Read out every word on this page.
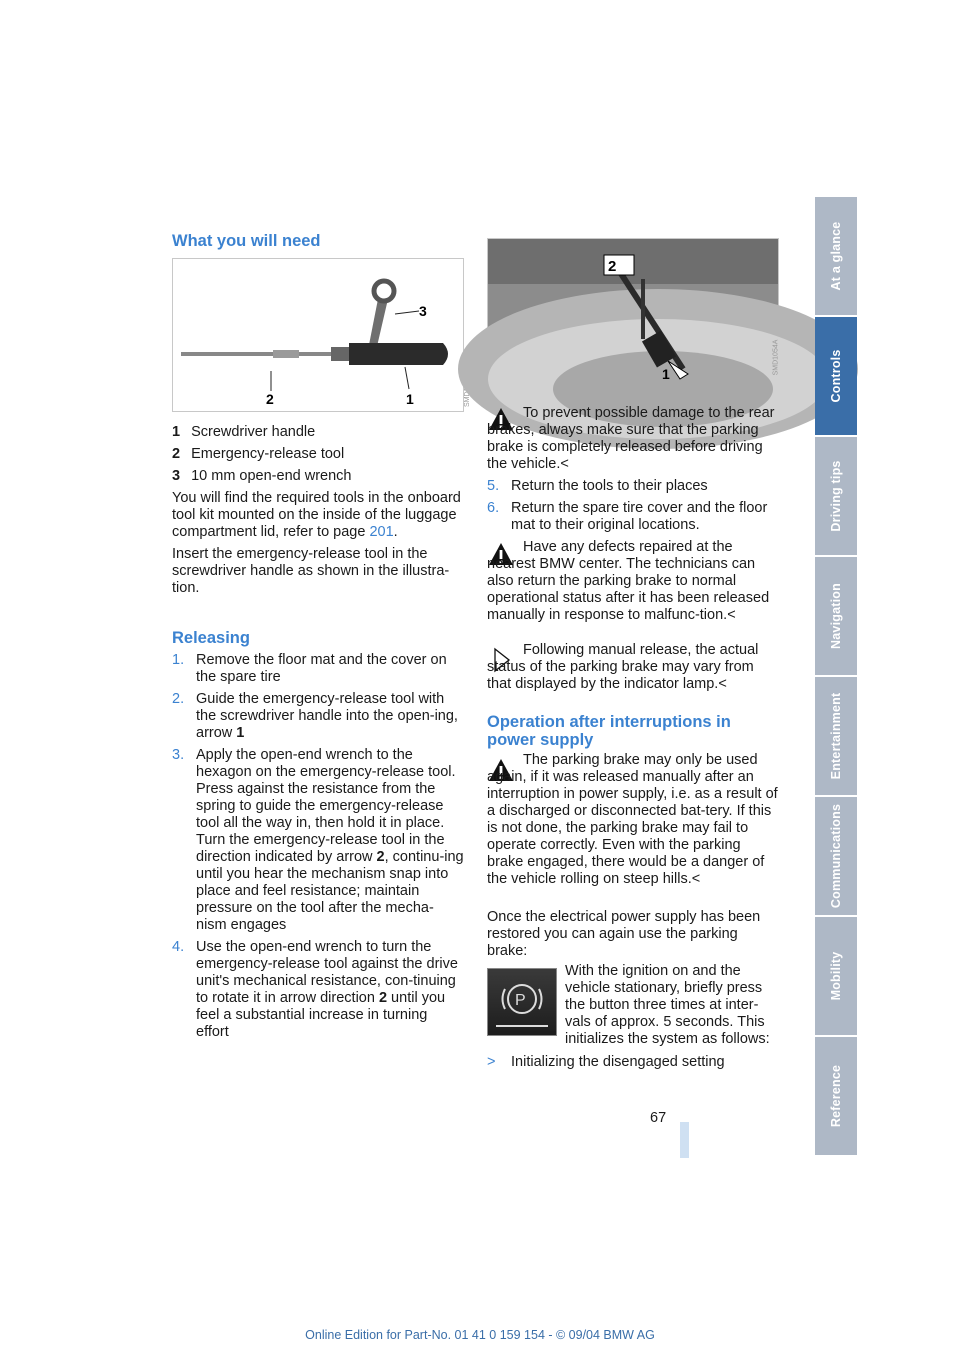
What you will need
3
2	1
1 Screwdriver handle
2 Emergency-release tool
3 10 mm open-end wrench

You will find the required tools in the onboard tool kit mounted on the inside of the luggage compartment lid, refer to page 201.

Insert the emergency-release tool in the screwdriver handle as shown in the illustra-tion.

Releasing
1. Remove the floor mat and the cover on the spare tire
2. Guide the emergency-release tool with the screwdriver handle into the open-ing, arrow 1
3. Apply the open-end wrench to the hexagon on the emergency-release tool.
Press against the resistance from the spring to guide the emergency-release tool all the way in, then hold it in place.
Turn the emergency-release tool in the direction indicated by arrow 2, continu-ing until you hear the mechanism snap into place and feel resistance; maintain pressure on the tool after the mecha-nism engages
4. Use the open-end wrench to turn the emergency-release tool against the drive unit's mechanical resistance, con-tinuing to rotate it in arrow direction 2 until you feel a substantial increase in turning effort
2
1	SMD1054A
To prevent possible damage to the rear brakes, always make sure that the parking brake is completely released before driving the vehicle.<
5. Return the tools to their places
6. Return the spare tire cover and the floor mat to their original locations.
Have any defects repaired at the nearest BMW center. The technicians can also return the parking brake to normal operational status after it has been released manually in response to malfunc-tion.<
Following manual release, the actual status of the parking brake may vary from that displayed by the indicator lamp.<
Operation after interruptions in power supply
The parking brake may only be used again, if it was released manually after an interruption in power supply, i.e. as a result of a discharged or disconnected bat-tery. If this is not done, the parking brake may fail to operate correctly. Even with the parking brake engaged, there would be a danger of the vehicle rolling on steep hills.<
Once the electrical power supply has been restored you can again use the parking brake:
P
With the ignition on and the vehicle stationary, briefly press the button three times at inter-vals of approx. 5 seconds. This initializes the system as follows:
> Initializing the disengaged setting
At a glance
Controls
Driving tips
Navigation
Entertainment
Communications
Mobility
Reference
67
Online Edition for Part-No. 01 41 0 159 154 - © 09/04 BMW AG
